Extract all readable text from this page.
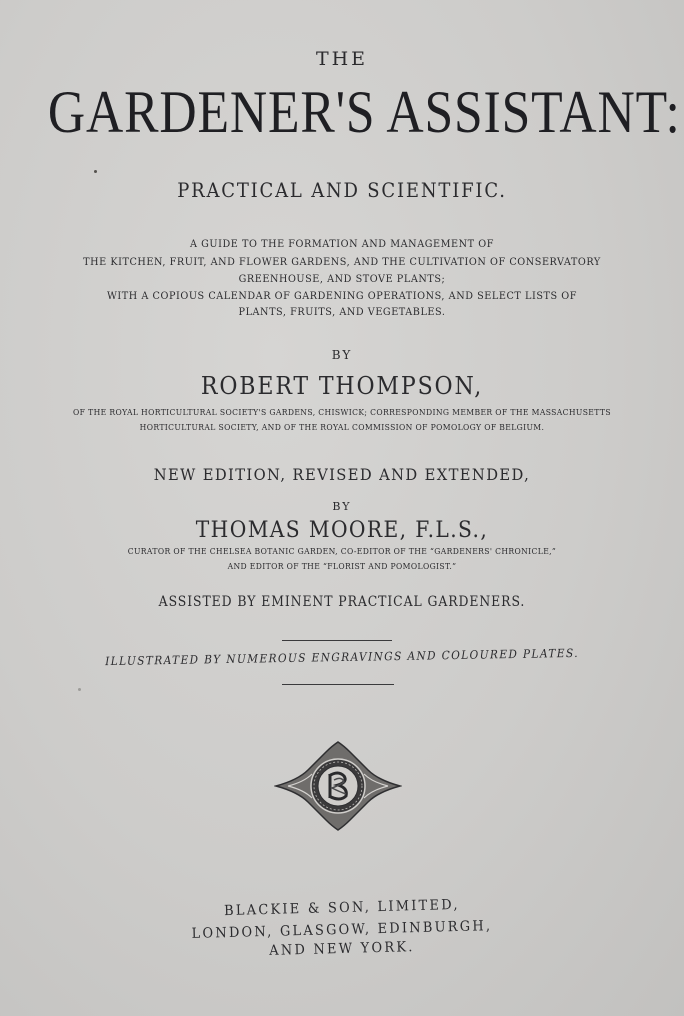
THE
GARDENER'S ASSISTANT:
PRACTICAL AND SCIENTIFIC.
A GUIDE TO THE FORMATION AND MANAGEMENT OF
THE KITCHEN, FRUIT, AND FLOWER GARDENS, AND THE CULTIVATION OF CONSERVATORY
GREENHOUSE, AND STOVE PLANTS;
WITH A COPIOUS CALENDAR OF GARDENING OPERATIONS, AND SELECT LISTS OF
PLANTS, FRUITS, AND VEGETABLES.
BY
ROBERT THOMPSON,
OF THE ROYAL HORTICULTURAL SOCIETY'S GARDENS, CHISWICK; CORRESPONDING MEMBER OF THE MASSACHUSETTS
HORTICULTURAL SOCIETY, AND OF THE ROYAL COMMISSION OF POMOLOGY OF BELGIUM.
NEW EDITION, REVISED AND EXTENDED,
BY
THOMAS MOORE, F.L.S.,
CURATOR OF THE CHELSEA BOTANIC GARDEN, CO-EDITOR OF THE “GARDENERS' CHRONICLE,”
AND EDITOR OF THE “FLORIST AND POMOLOGIST.”
ASSISTED BY EMINENT PRACTICAL GARDENERS.
ILLUSTRATED BY NUMEROUS ENGRAVINGS AND COLOURED PLATES.
BLACKIE & SON, LIMITED,
LONDON, GLASGOW, EDINBURGH,
AND NEW YORK.
